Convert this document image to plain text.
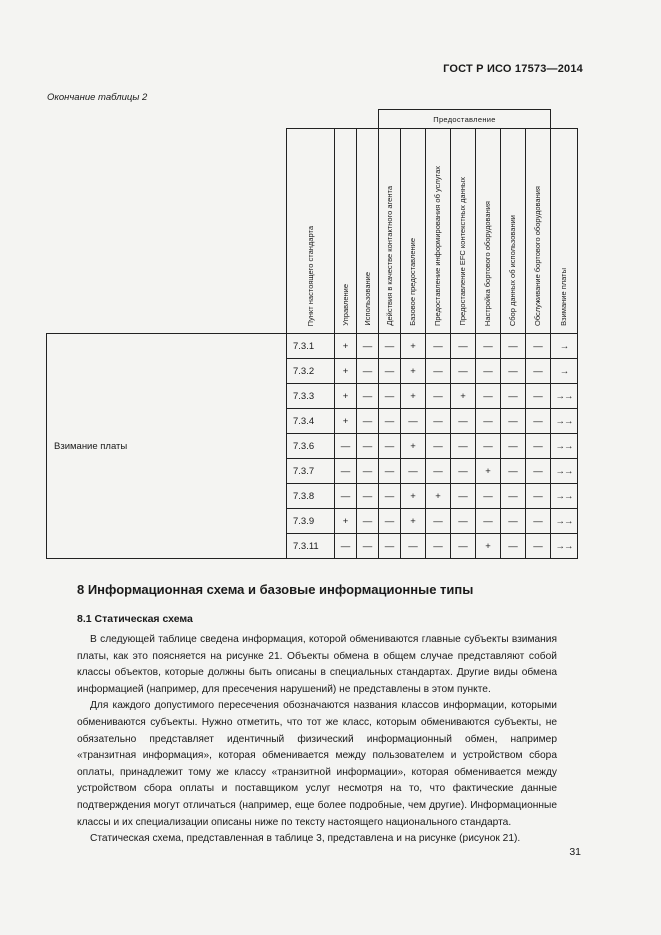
ГОСТ Р ИСО 17573—2014
Окончание таблицы 2
				Предоставление							
	Пункт настоящего стандарта	Управление	Использование	Действия в качестве контактного агента	Базовое предоставление	Предоставление информирования об услугах	Предоставление EFC контекстных данных	Настройка бортового оборудования	Сбор данных об использовании	Обслуживание бортового оборудования	Взимание платы
Взимание платы	7.3.1	+	—	—	+	—	—	—	—	—	→
	7.3.2	+	—	—	+	—	—	—	—	—	→
	7.3.3	+	—	—	+	—	+	—	—	—	→→
	7.3.4	+	—	—	—	—	—	—	—	—	→→
	7.3.6	—	—	—	+	—	—	—	—	—	→→
	7.3.7	—	—	—	—	—	—	+	—	—	→→
	7.3.8	—	—	—	+	+	—	—	—	—	→→
	7.3.9	+	—	—	+	—	—	—	—	—	→→
	7.3.11	—	—	—	—	—	—	+	—	—	→→
8 Информационная схема и базовые информационные типы
8.1 Статическая схема

В следующей таблице сведена информация, которой обмениваются главные субъекты взимания платы, как это поясняется на рисунке 21. Объекты обмена в общем случае представляют собой классы объектов, которые должны быть описаны в специальных стандартах. Другие виды обмена информацией (например, для пресечения нарушений) не представлены в этом пункте.

Для каждого допустимого пересечения обозначаются названия классов информации, которыми обмениваются субъекты. Нужно отметить, что тот же класс, которым обмениваются субъекты, не обязательно представляет идентичный физический информационный обмен, например «транзитная информация», которая обменивается между пользователем и устройством сбора оплаты, принадлежит тому же классу «транзитной информации», которая обменивается между устройством сбора оплаты и поставщиком услуг несмотря на то, что фактические данные подтверждения могут отличаться (например, еще более подробные, чем другие). Информационные классы и их специализации описаны ниже по тексту настоящего национального стандарта.

Статическая схема, представленная в таблице 3, представлена и на рисунке (рисунок 21).

31
